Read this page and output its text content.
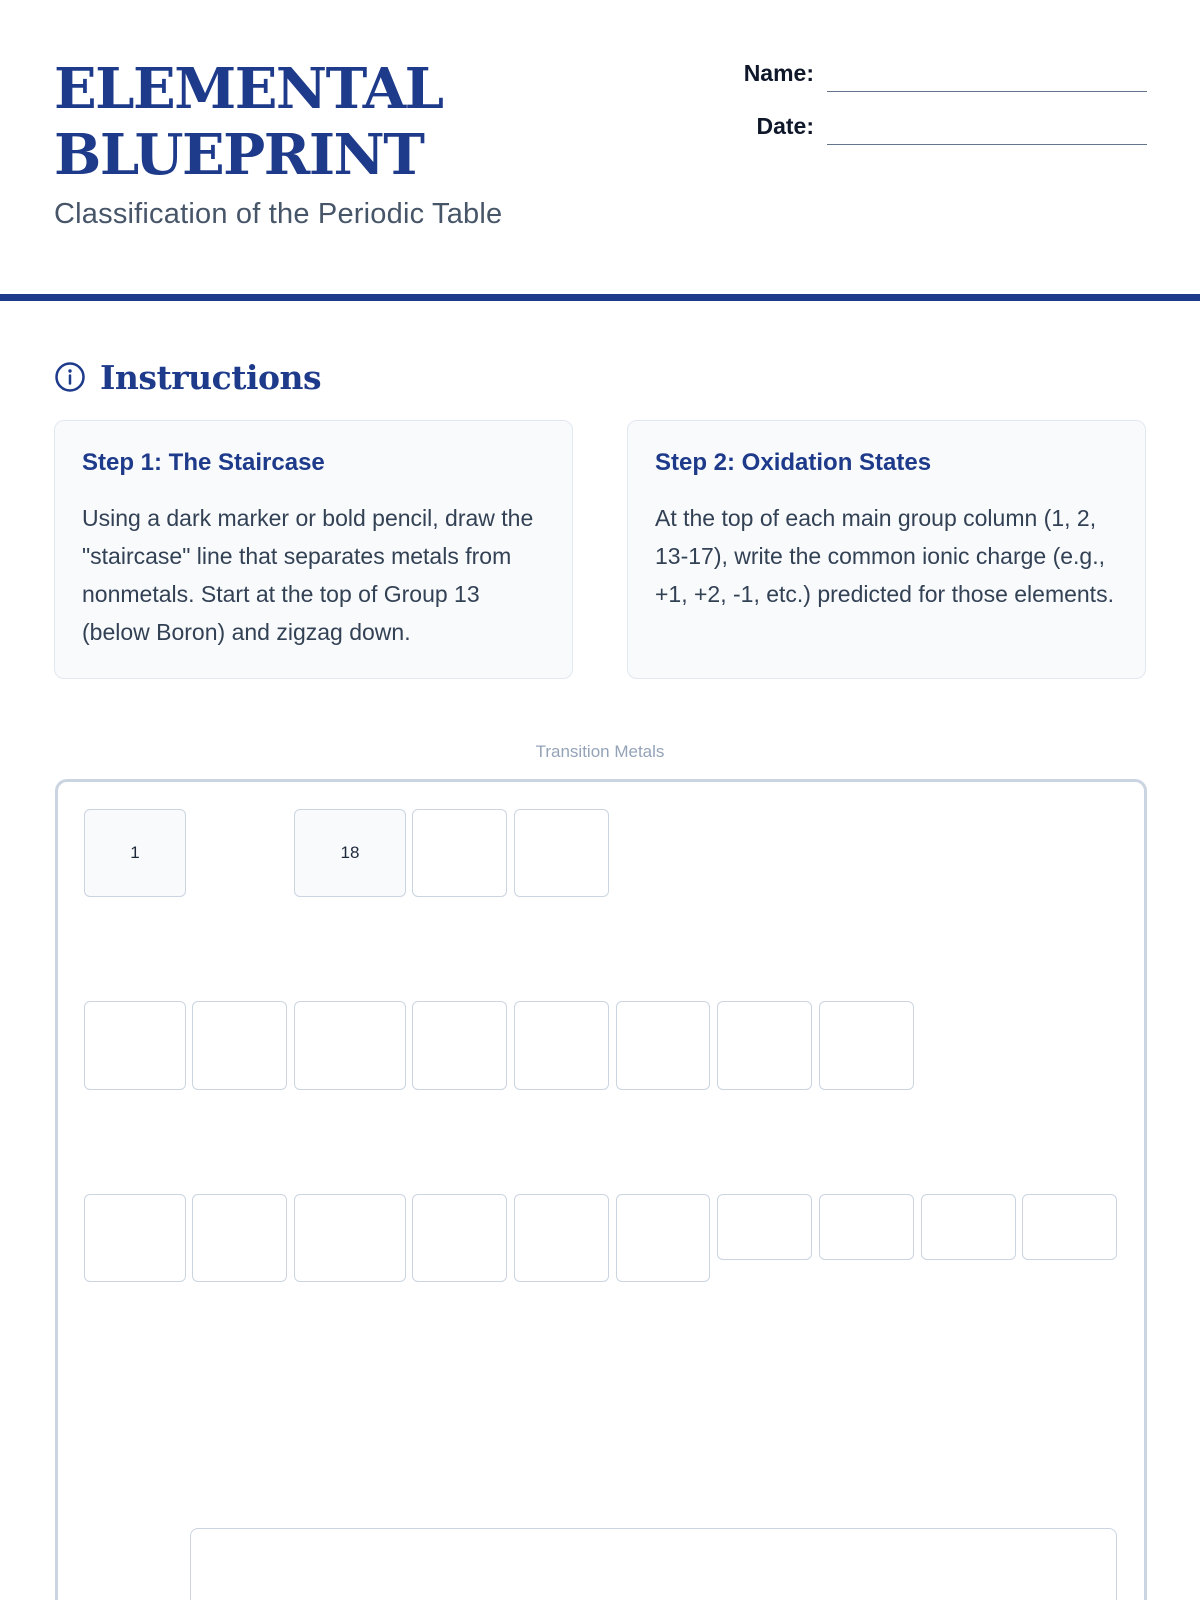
ELEMENTAL
BLUEPRINT
Classification of the Periodic Table
Name:
Date:
Instructions
Step 1: The Staircase
Using a dark marker or bold pencil, draw the "staircase" line that separates metals from nonmetals. Start at the top of Group 13 (below Boron) and zigzag down.
Step 2: Oxidation States
At the top of each main group column (1, 2, 13-17), write the common ionic charge (e.g., +1, +2, -1, etc.) predicted for those elements.
Transition Metals
1	18
